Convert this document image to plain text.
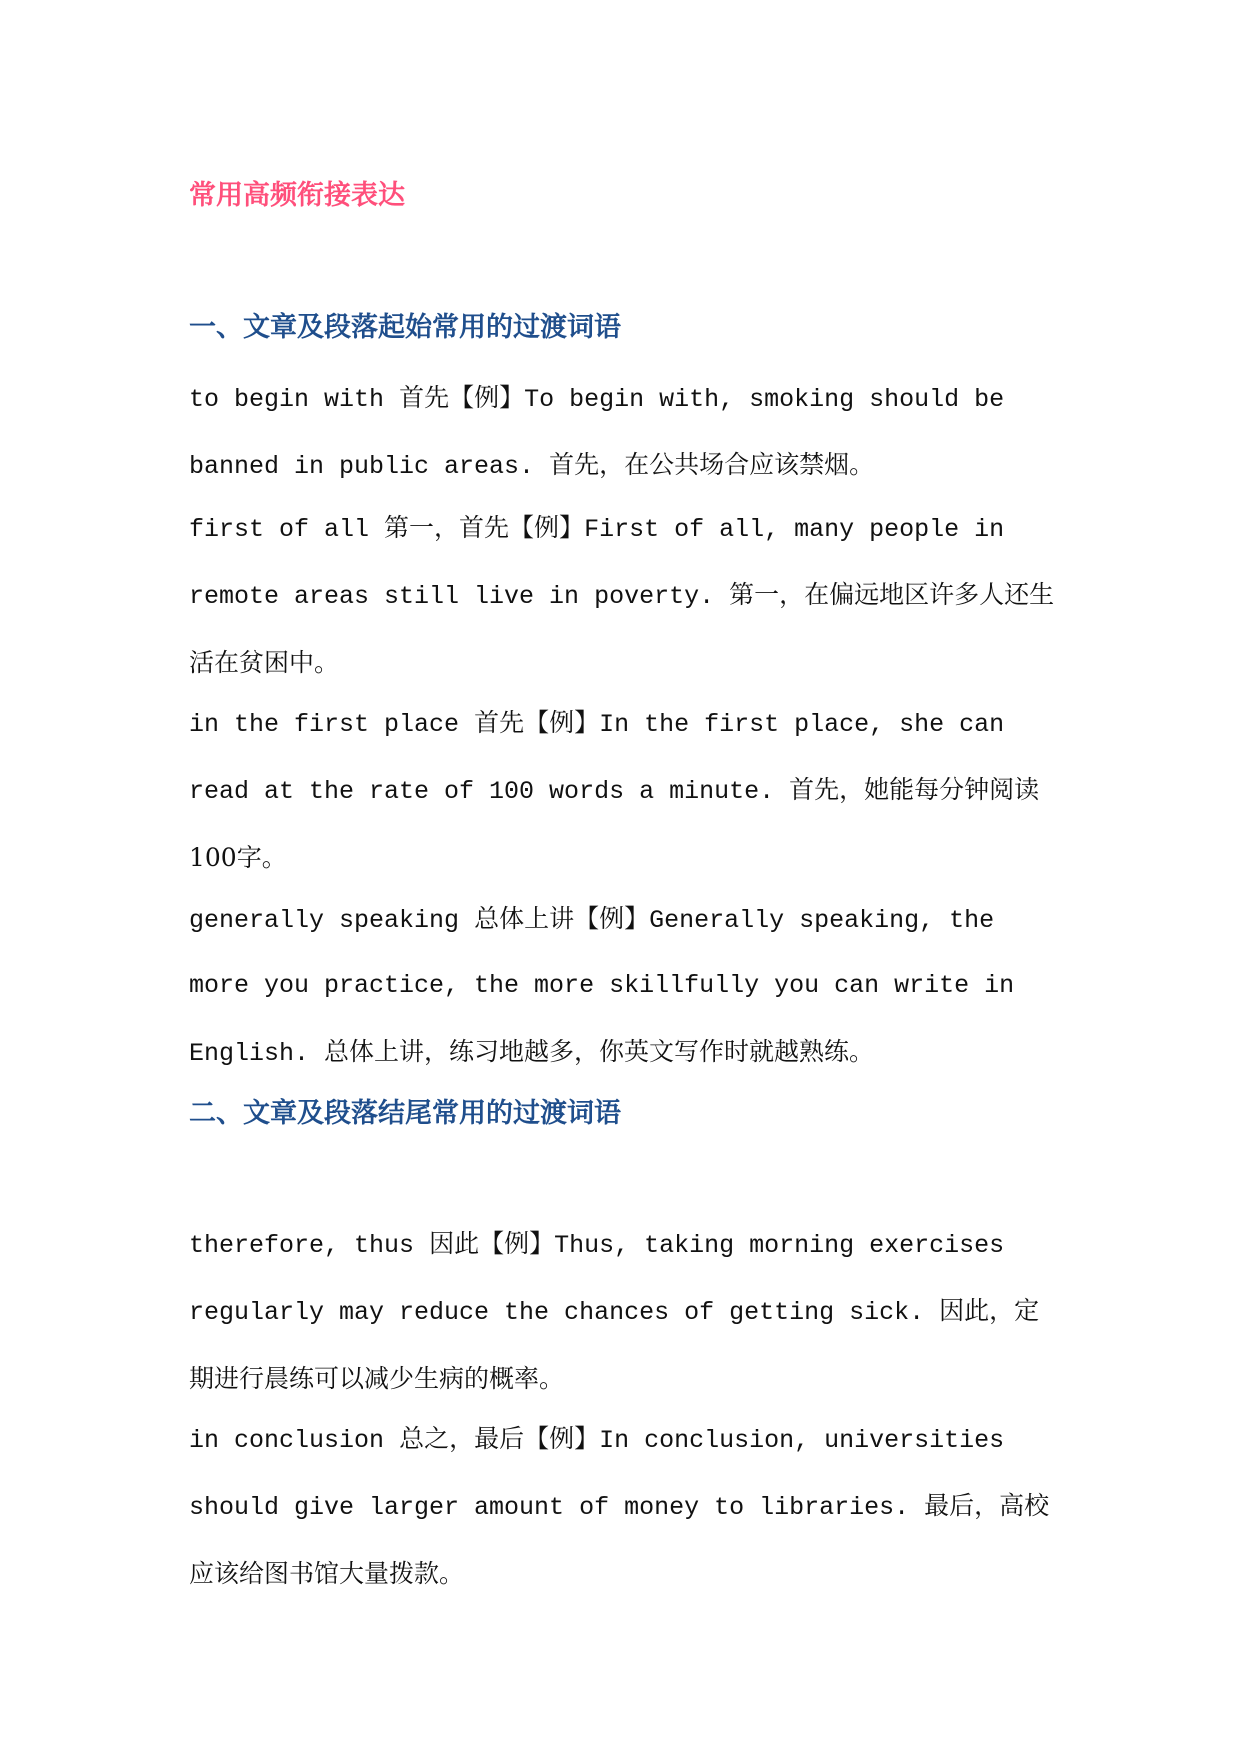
常用高频衔接表达
一、文章及段落起始常用的过渡词语

to begin with 首先【例】To begin with, smoking should be banned in public areas. 首先，在公共场合应该禁烟。

first of all 第一，首先【例】First of all, many people in remote areas still live in poverty. 第一，在偏远地区许多人还生活在贫困中。

in the first place 首先【例】In the first place, she can read at the rate of 100 words a minute. 首先，她能每分钟阅读100字。

generally speaking 总体上讲【例】Generally speaking, the more you practice, the more skillfully you can write in English. 总体上讲，练习地越多，你英文写作时就越熟练。

二、文章及段落结尾常用的过渡词语

therefore, thus 因此【例】Thus, taking morning exercises regularly may reduce the chances of getting sick. 因此，定期进行晨练可以减少生病的概率。

in conclusion 总之，最后【例】In conclusion, universities should give larger amount of money to libraries. 最后，高校应该给图书馆大量拨款。
